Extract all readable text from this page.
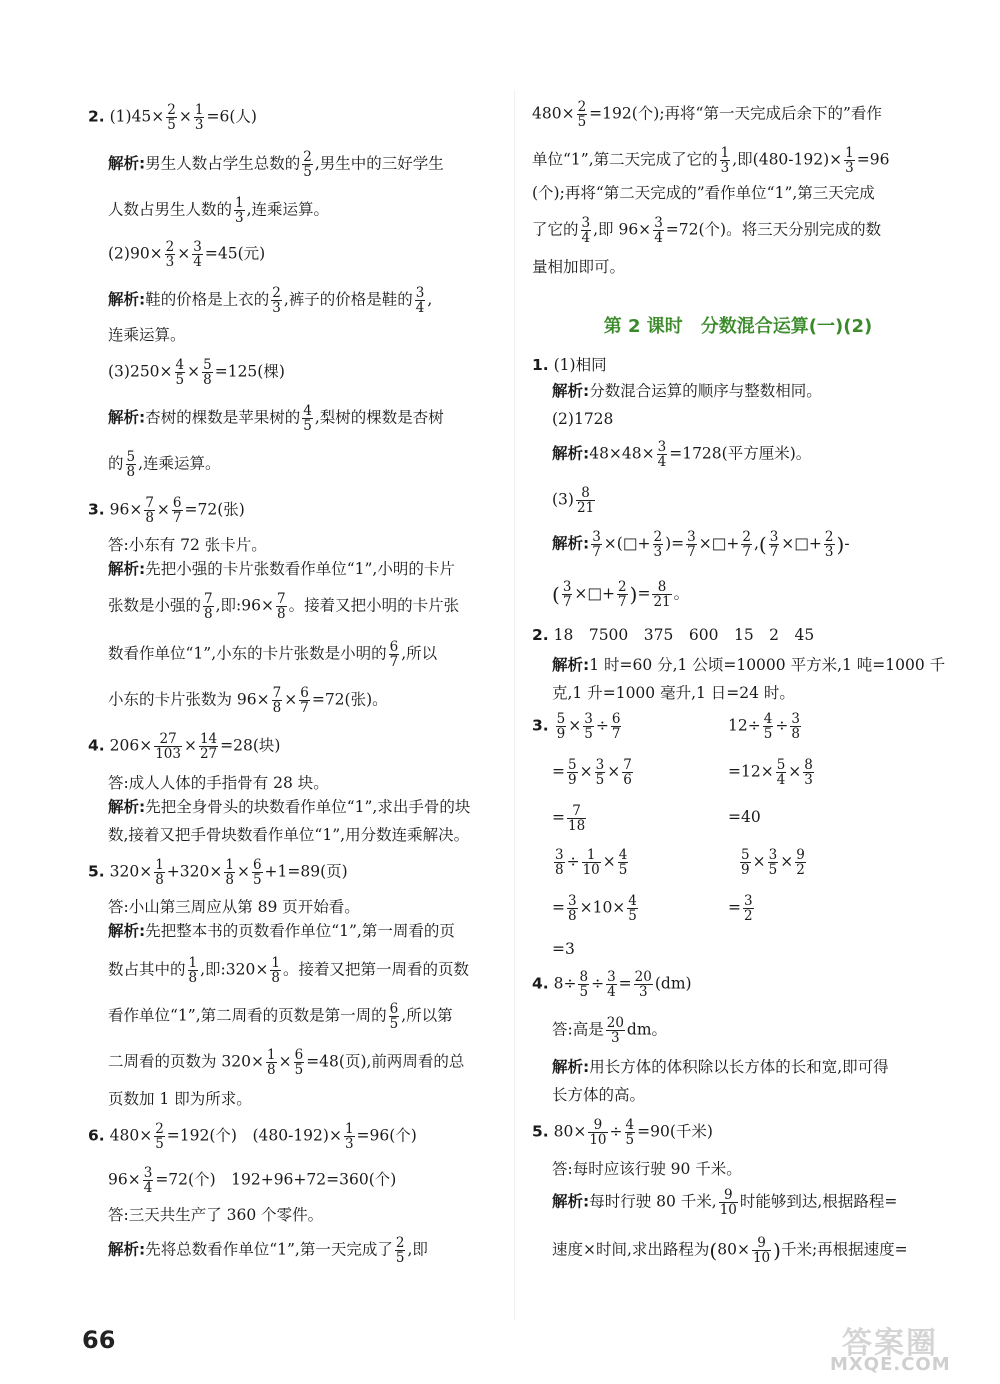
2. $(1)45\times \frac{2}{5} \times \frac{1}{3} =6$(人)
解析:男生人数占学生总数的 $\frac{2}{5}$ ,男生中的三好学生
人数占男生人数的 $\frac{1}{3}$ ,连乘运算。
$(2)90\times \frac{2}{3} \times \frac{3}{4} =45$(元)
解析:鞋的价格是上衣的 $\frac{2}{3}$ ,裤子的价格是鞋的 $\frac{3}{4}$ ,
连乘运算。
$(3)250\times \frac{4}{5} \times \frac{5}{8} =125$(棵)
解析:杏树的棵数是苹果树的 $\frac{4}{5}$ ,梨树的棵数是杏树
的 $\frac{5}{8}$ ,连乘运算。
3. $96\times \frac{7}{8} \times \frac{6}{7} =72$(张)
答:小东有 72 张卡片。
解析:先把小强的卡片张数看作单位“1”,小明的卡片
张数是小强的 $\frac{7}{8}$ ,即:96× $\frac{7}{8}$ 。接着又把小明的卡片张
数看作单位“1”,小东的卡片张数是小明的 $\frac{6}{7}$ ,所以
小东的卡片张数为 $96\times \frac{7}{8} \times \frac{6}{7} =72$(张)。
4. $206\times \frac{27}{103} \times \frac{14}{27} =28$(块)
答:成人人体的手指骨有 28 块。
解析:先把全身骨头的块数看作单位“1”,求出手骨的块
数,接着又把手骨块数看作单位“1”,用分数连乘解决。
5. $320\times \frac{1}{8} +320\times \frac{1}{8} \times \frac{6}{5} +1=89$(页)
答:小山第三周应从第 89 页开始看。
解析:先把整本书的页数看作单位“1”,第一周看的页
数占其中的 $\frac{1}{8}$ ,即:320× $\frac{1}{8}$ 。接着又把第一周看的页数
看作单位“1”,第二周看的页数是第一周的 $\frac{6}{5}$ ,所以第
二周看的页数为 $320\times \frac{1}{8} \times \frac{6}{5} =48$(页),前两周看的总
页数加 1 即为所求。
6. $480\times \frac{2}{5} =192$(个)　$(480-192)\times \frac{1}{3} =96$(个)
$96\times \frac{3}{4} =72$(个)　192+96+72=360(个)
答:三天共生产了 360 个零件。
解析:先将总数看作单位“1”,第一天完成了 $\frac{2}{5}$ ,即
$480\times \frac{2}{5} =192$(个);再将“第一天完成后余下的”看作
单位“1”,第二天完成了它的 $\frac{1}{3}$ ,即$(480-192)\times \frac{1}{3} =96$
(个);再将“第二天完成的”看作单位“1”,第三天完成
了它的 $\frac{3}{4}$ ,即 $96\times \frac{3}{4} =72$(个)。将三天分别完成的数
量相加即可。
1. (1)相同
解析:分数混合运算的顺序与整数相同。
(2)1728
解析:48×48× $\frac{3}{4} =1728$(平方厘米)。
$(3) \frac{8}{21}$
解析: $\frac{3}{7}$ ×(□+ $\frac{2}{3}$ )= $\frac{3}{7}$ ×□+ $\frac{2}{7}$ ,( $\frac{3}{7}$ ×□+ $\frac{2}{3}$ )-
( $\frac{3}{7}$ ×□+ $\frac{2}{7}$ )= $\frac{8}{21}$ 。
2. 18　7500　375　600　15　2　45
解析:1 时=60 分,1 公顷=10000 平方米,1 吨=1000 千
克,1 升=1000 毫升,1 日=24 时。
3. $\frac{5}{9} \times \frac{3}{5} \div \frac{6}{7}$
= $\frac{5}{9} \times \frac{3}{5} \times \frac{7}{6}$
= $\frac{7}{18}$
$\frac{3}{8} \div \frac{1}{10} \times \frac{4}{5}$
= $\frac{3}{8} \times 10\times \frac{4}{5}$
=3
4. $8\div \frac{8}{5} \div \frac{3}{4} = \frac{20}{3} (dm)$
答:高是 $\frac{20}{3}$ dm。
解析:用长方体的体积除以长方体的长和宽,即可得
长方体的高。
5. $80\times \frac{9}{10} \div \frac{4}{5} =90$(千米)
答:每时应该行驶 90 千米。
解析:每时行驶 80 千米, $\frac{9}{10}$ 时能够到达,根据路程=
速度×时间,求出路程为($80\times \frac{9}{10}$ )千米;再根据速度=
$12\div \frac{4}{5} \div \frac{3}{8}$
$=12\times \frac{5}{4} \times \frac{8}{3}$
=40
$\frac{5}{9} \times \frac{3}{5} \times \frac{9}{2}$
= $\frac{3}{2}$
第 2 课时　分数混合运算(一)(2)
66	答案圈
MXQE.COM
